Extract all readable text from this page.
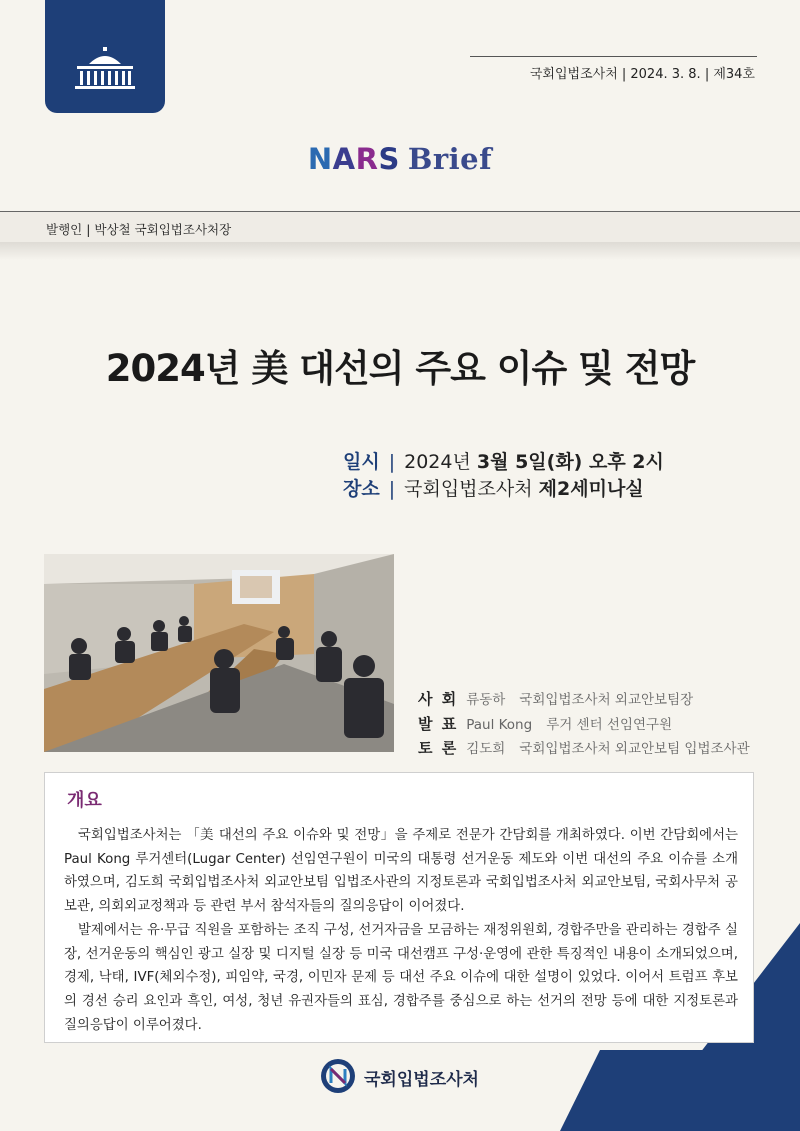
국회입법조사처 | 2024. 3. 8. | 제34호
NARS Brief
발행인 | 박상철 국회입법조사처장
2024년 美 대선의 주요 이슈 및 전망
일시 | 2024년 3월 5일(화) 오후 2시
장소 | 국회입법조사처 제2세미나실
사 회 류동하 국회입법조사처 외교안보팀장
발 표 Paul Kong 루거 센터 선임연구원
토 론 김도희 국회입법조사처 외교안보팀 입법조사관
개요

국회입법조사처는 「美 대선의 주요 이슈와 및 전망」을 주제로 전문가 간담회를 개최하였다. 이번 간담회에서는 Paul Kong 루거센터(Lugar Center) 선임연구원이 미국의 대통령 선거운동 제도와 이번 대선의 주요 이슈를 소개하였으며, 김도희 국회입법조사처 외교안보팀 입법조사관의 지정토론과 국회입법조사처 외교안보팀, 국회사무처 공보관, 의회외교정책과 등 관련 부서 참석자들의 질의응답이 이어졌다.

발제에서는 유·무급 직원을 포함하는 조직 구성, 선거자금을 모금하는 재정위원회, 경합주만을 관리하는 경합주 실장, 선거운동의 핵심인 광고 실장 및 디지털 실장 등 미국 대선캠프 구성·운영에 관한 특징적인 내용이 소개되었으며, 경제, 낙태, IVF(체외수정), 피임약, 국경, 이민자 문제 등 대선 주요 이슈에 대한 설명이 있었다. 이어서 트럼프 후보의 경선 승리 요인과 흑인, 여성, 청년 유권자들의 표심, 경합주를 중심으로 하는 선거의 전망 등에 대한 지정토론과 질의응답이 이루어졌다.

국회입법조사처
